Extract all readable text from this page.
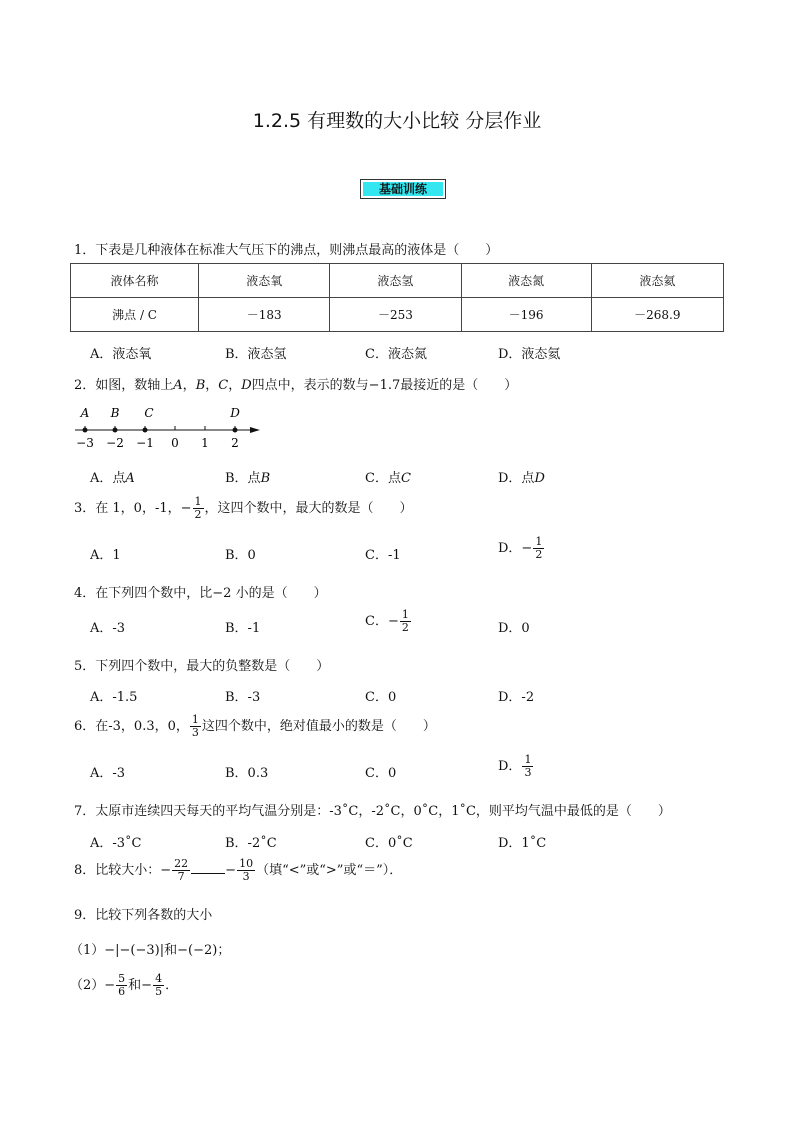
1.2.5 有理数的大小比较 分层作业
基础训练
1．下表是几种液体在标准大气压下的沸点，则沸点最高的液体是（　　）
液体名称	液态氧	液态氢	液态氮	液态氦
沸点 / C	－183	－253	－196	－268.9
A．液态氧	B．液态氢	C．液态氮	D．液态氦
2．如图，数轴上A，B，C，D四点中，表示的数与−1.7最接近的是（　　）
−3 −2 −1 0 1 2
A B C	D
A．点A	B．点B	C．点C	D．点D
3．在 1，0，-1，− $\frac{1}{2}$ ，这四个数中，最大的数是（　　）
A．1	B．0	C．-1	D．− $\frac{1}{2}$
4．在下列四个数中，比−2 小的是（　　）
A．-3	B．-1	C．− $\frac{1}{2}$	D．0
5．下列四个数中，最大的负整数是（　　）
A．-1.5	B．-3	C．0	D．-2
6．在-3，0.3，0， $\frac{1}{3}$ 这四个数中，绝对值最小的数是（　　）
A．-3	B．0.3	C．0	D． $\frac{1}{3}$
7．太原市连续四天每天的平均气温分别是：-3˚C，-2˚C，0˚C，1˚C，则平均气温中最低的是（　　）
A．-3˚C	B．-2˚C	C．0˚C	D．1˚C
8．比较大小：− $\frac{22}{7}$	− $\frac{10}{3}$ （填“<”或“>”或“＝”）．
9．比较下列各数的大小
（1）−|−(−3)|和−(−2)；
$(2)- \frac{5}{6}$ 和− $\frac{4}{5}$ ．
